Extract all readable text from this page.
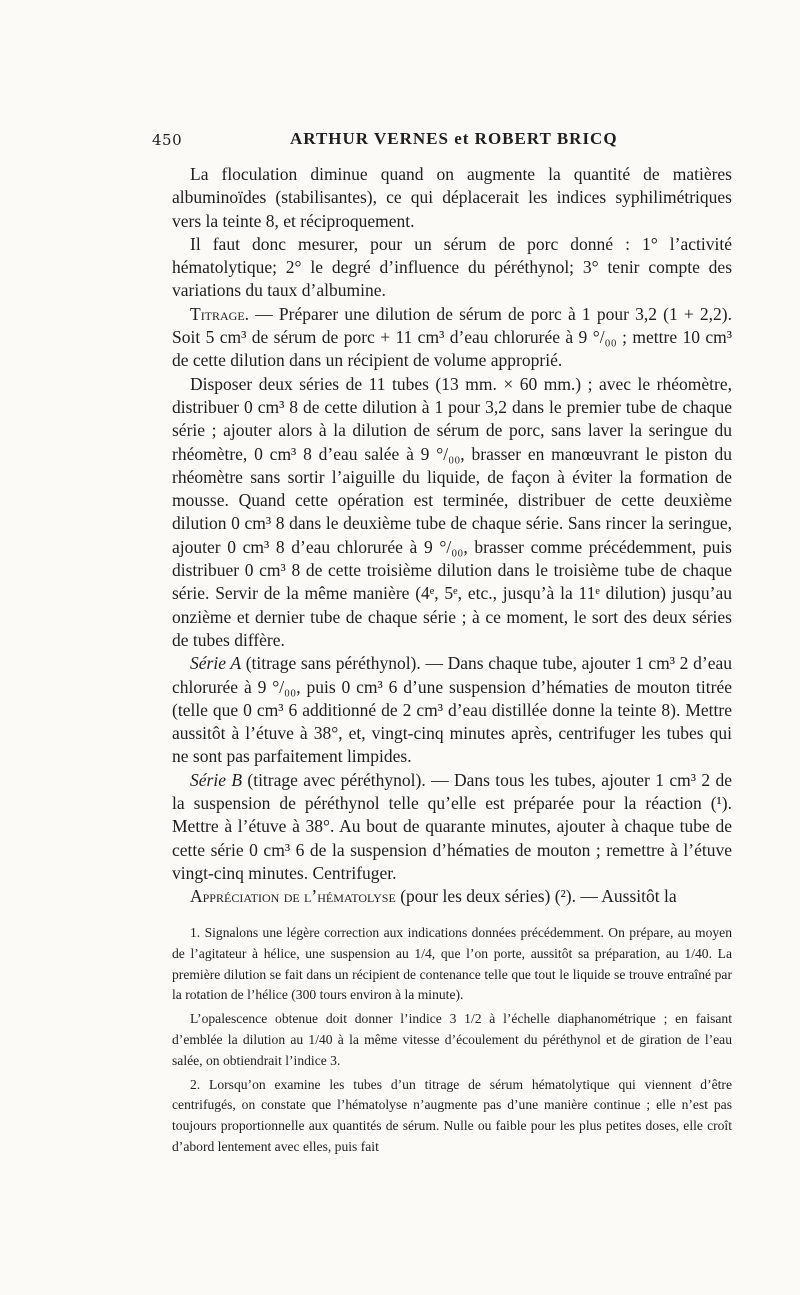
450	ARTHUR VERNES et ROBERT BRICQ

La floculation diminue quand on augmente la quantité de matières albuminoïdes (stabilisantes), ce qui déplacerait les indices syphilimétriques vers la teinte 8, et réciproquement.

Il faut donc mesurer, pour un sérum de porc donné : 1° l’activité hématolytique; 2° le degré d’influence du péréthynol; 3° tenir compte des variations du taux d’albumine.

Titrage. — Préparer une dilution de sérum de porc à 1 pour 3,2 (1 + 2,2). Soit 5 cm³ de sérum de porc + 11 cm³ d’eau chlorurée à 9 °/₀₀ ; mettre 10 cm³ de cette dilution dans un récipient de volume approprié.

Disposer deux séries de 11 tubes (13 mm. × 60 mm.) ; avec le rhéomètre, distribuer 0 cm³ 8 de cette dilution à 1 pour 3,2 dans le premier tube de chaque série ; ajouter alors à la dilution de sérum de porc, sans laver la seringue du rhéomètre, 0 cm³ 8 d’eau salée à 9 °/₀₀, brasser en manœuvrant le piston du rhéomètre sans sortir l’aiguille du liquide, de façon à éviter la formation de mousse. Quand cette opération est terminée, distribuer de cette deuxième dilution 0 cm³ 8 dans le deuxième tube de chaque série. Sans rincer la seringue, ajouter 0 cm³ 8 d’eau chlorurée à 9 °/₀₀, brasser comme précédemment, puis distribuer 0 cm³ 8 de cette troisième dilution dans le troisième tube de chaque série. Servir de la même manière (4ᵉ, 5ᵉ, etc., jusqu’à la 11ᵉ dilution) jusqu’au onzième et dernier tube de chaque série ; à ce moment, le sort des deux séries de tubes diffère.

Série A (titrage sans péréthynol). — Dans chaque tube, ajouter 1 cm³ 2 d’eau chlorurée à 9 °/₀₀, puis 0 cm³ 6 d’une suspension d’hématies de mouton titrée (telle que 0 cm³ 6 additionné de 2 cm³ d’eau distillée donne la teinte 8). Mettre aussitôt à l’étuve à 38°, et, vingt-cinq minutes après, centrifuger les tubes qui ne sont pas parfaitement limpides.

Série B (titrage avec péréthynol). — Dans tous les tubes, ajouter 1 cm³ 2 de la suspension de péréthynol telle qu’elle est préparée pour la réaction (¹). Mettre à l’étuve à 38°. Au bout de quarante minutes, ajouter à chaque tube de cette série 0 cm³ 6 de la suspension d’hématies de mouton ; remettre à l’étuve vingt-cinq minutes. Centrifuger.

Appréciation de l’hématolyse (pour les deux séries) (²). — Aussitôt la

1. Signalons une légère correction aux indications données précédemment. On prépare, au moyen de l’agitateur à hélice, une suspension au 1/4, que l’on porte, aussitôt sa préparation, au 1/40. La première dilution se fait dans un récipient de contenance telle que tout le liquide se trouve entraîné par la rotation de l’hélice (300 tours environ à la minute).

L’opalescence obtenue doit donner l’indice 3 1/2 à l’échelle diaphanométrique ; en faisant d’emblée la dilution au 1/40 à la même vitesse d’écoulement du péréthynol et de giration de l’eau salée, on obtiendrait l’indice 3.

2. Lorsqu’on examine les tubes d’un titrage de sérum hématolytique qui viennent d’être centrifugés, on constate que l’hématolyse n’augmente pas d’une manière continue ; elle n’est pas toujours proportionnelle aux quantités de sérum. Nulle ou faible pour les plus petites doses, elle croît d’abord lentement avec elles, puis fait
